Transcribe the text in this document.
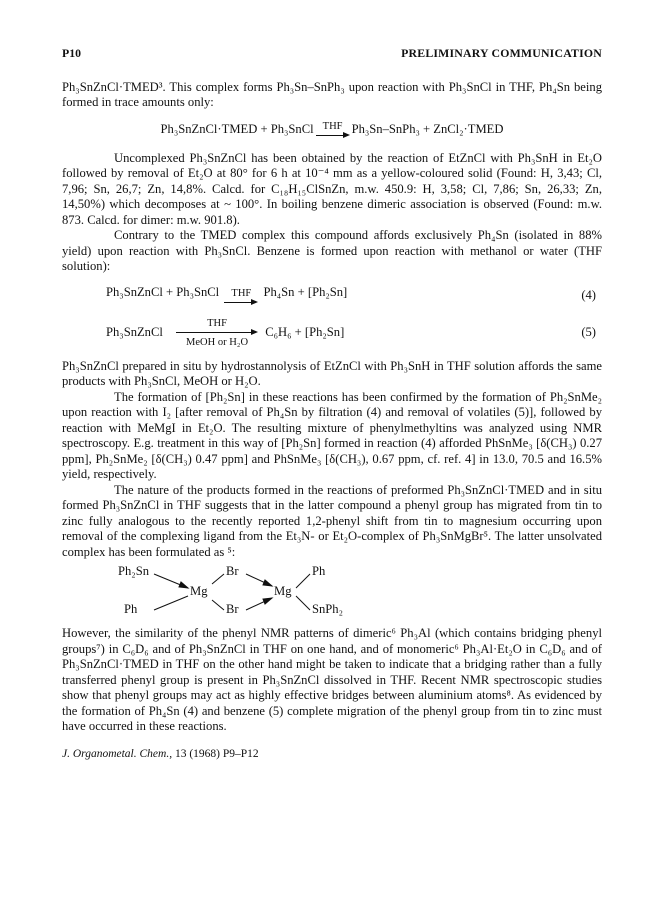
P10	PRELIMINARY COMMUNICATION

Ph₃SnZnCl·TMED³. This complex forms Ph₃Sn–SnPh₃ upon reaction with Ph₃SnCl in THF, Ph₄Sn being formed in trace amounts only:

Ph₃SnZnCl·TMED + Ph₃SnCl THF Ph₃Sn–SnPh₃ + ZnCl₂·TMED

Uncomplexed Ph₃SnZnCl has been obtained by the reaction of EtZnCl with Ph₃SnH in Et₂O followed by removal of Et₂O at 80° for 6 h at 10⁻⁴ mm as a yellow-coloured solid (Found: H, 3,43; Cl, 7,96; Sn, 26,7; Zn, 14,8%. Calcd. for C₁₈H₁₅ClSnZn, m.w. 450.9: H, 3,58; Cl, 7,86; Sn, 26,33; Zn, 14,50%) which decomposes at ~ 100°. In boiling benzene dimeric association is observed (Found: m.w. 873. Calcd. for dimer: m.w. 901.8).

Contrary to the TMED complex this compound affords exclusively Ph₄Sn (isolated in 88% yield) upon reaction with Ph₃SnCl. Benzene is formed upon reaction with methanol or water (THF solution):

Ph₃SnZnCl + Ph₃SnCl	THF Ph₄Sn + [Ph₂Sn]	(4)
Ph₃SnZnCl
THF
MeOH or H₂O
C₆H₆ + [Ph₂Sn]	(5)

Ph₃SnZnCl prepared in situ by hydrostannolysis of EtZnCl with Ph₃SnH in THF solution affords the same products with Ph₃SnCl, MeOH or H₂O.

The formation of [Ph₂Sn] in these reactions has been confirmed by the formation of Ph₂SnMe₂ upon reaction with I₂ [after removal of Ph₄Sn by filtration (4) and removal of volatiles (5)], followed by reaction with MeMgI in Et₂O. The resulting mixture of phenylmethyltins was analyzed using NMR spectroscopy. E.g. treatment in this way of [Ph₂Sn] formed in reaction (4) afforded PhSnMe₃ [δ(CH₃) 0.27 ppm], Ph₂SnMe₂ [δ(CH₃) 0.47 ppm] and PhSnMe₃ [δ(CH₃), 0.67 ppm, cf. ref. 4] in 13.0, 70.5 and 16.5% yield, respectively.

The nature of the products formed in the reactions of preformed Ph₃SnZnCl·TMED and in situ formed Ph₃SnZnCl in THF suggests that in the latter compound a phenyl group has migrated from tin to zinc fully analogous to the recently reported 1,2-phenyl shift from tin to magnesium occurring upon removal of the complexing ligand from the Et₃N- or Et₂O-complex of Ph₃SnMgBr⁵. The latter unsolvated complex has been formulated as ⁵:

Ph₂Sn
Ph
Mg
Br
Br
Mg
Ph
SnPh₂

However, the similarity of the phenyl NMR patterns of dimeric⁶ Ph₃Al (which contains bridging phenyl groups⁷) in C₆D₆ and of Ph₃SnZnCl in THF on one hand, and of monomeric⁶ Ph₃Al·Et₂O in C₆D₆ and of Ph₃SnZnCl·TMED in THF on the other hand might be taken to indicate that a bridging rather than a fully transferred phenyl group is present in Ph₃SnZnCl dissolved in THF. Recent NMR spectroscopic studies show that phenyl groups may act as highly effective bridges between aluminium atoms⁸. As evidenced by the formation of Ph₄Sn (4) and benzene (5) complete migration of the phenyl group from tin to zinc must have occurred in these reactions.

J. Organometal. Chem., 13 (1968) P9–P12
